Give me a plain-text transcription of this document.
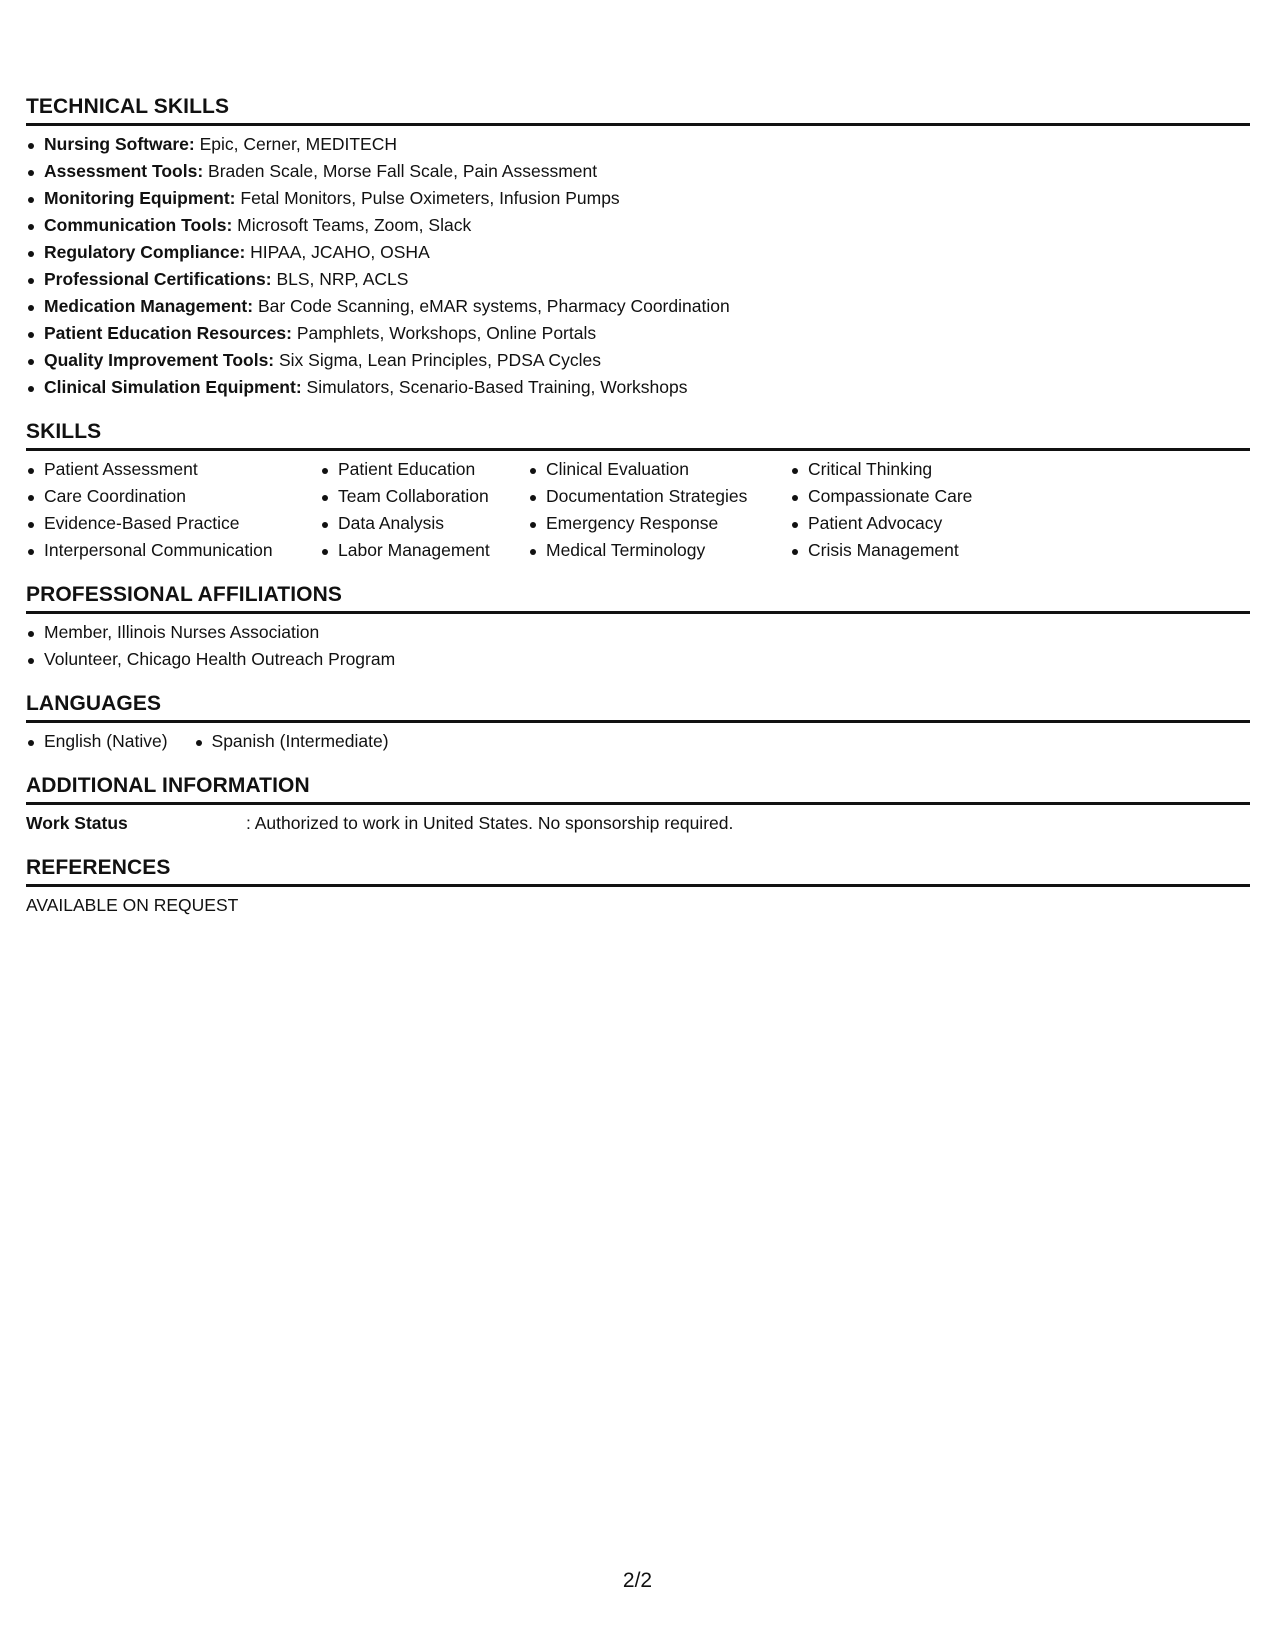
TECHNICAL SKILLS
Nursing Software: Epic, Cerner, MEDITECH
Assessment Tools: Braden Scale, Morse Fall Scale, Pain Assessment
Monitoring Equipment: Fetal Monitors, Pulse Oximeters, Infusion Pumps
Communication Tools: Microsoft Teams, Zoom, Slack
Regulatory Compliance: HIPAA, JCAHO, OSHA
Professional Certifications: BLS, NRP, ACLS
Medication Management: Bar Code Scanning, eMAR systems, Pharmacy Coordination
Patient Education Resources: Pamphlets, Workshops, Online Portals
Quality Improvement Tools: Six Sigma, Lean Principles, PDSA Cycles
Clinical Simulation Equipment: Simulators, Scenario-Based Training, Workshops
SKILLS
Patient Assessment
Care Coordination
Evidence-Based Practice
Interpersonal Communication
Patient Education
Team Collaboration
Data Analysis
Labor Management
Clinical Evaluation
Documentation Strategies
Emergency Response
Medical Terminology
Critical Thinking
Compassionate Care
Patient Advocacy
Crisis Management
PROFESSIONAL AFFILIATIONS
Member, Illinois Nurses Association
Volunteer, Chicago Health Outreach Program
LANGUAGES
English (Native)	Spanish (Intermediate)
ADDITIONAL INFORMATION
Work Status	: Authorized to work in United States. No sponsorship required.
REFERENCES
AVAILABLE ON REQUEST
2/2
